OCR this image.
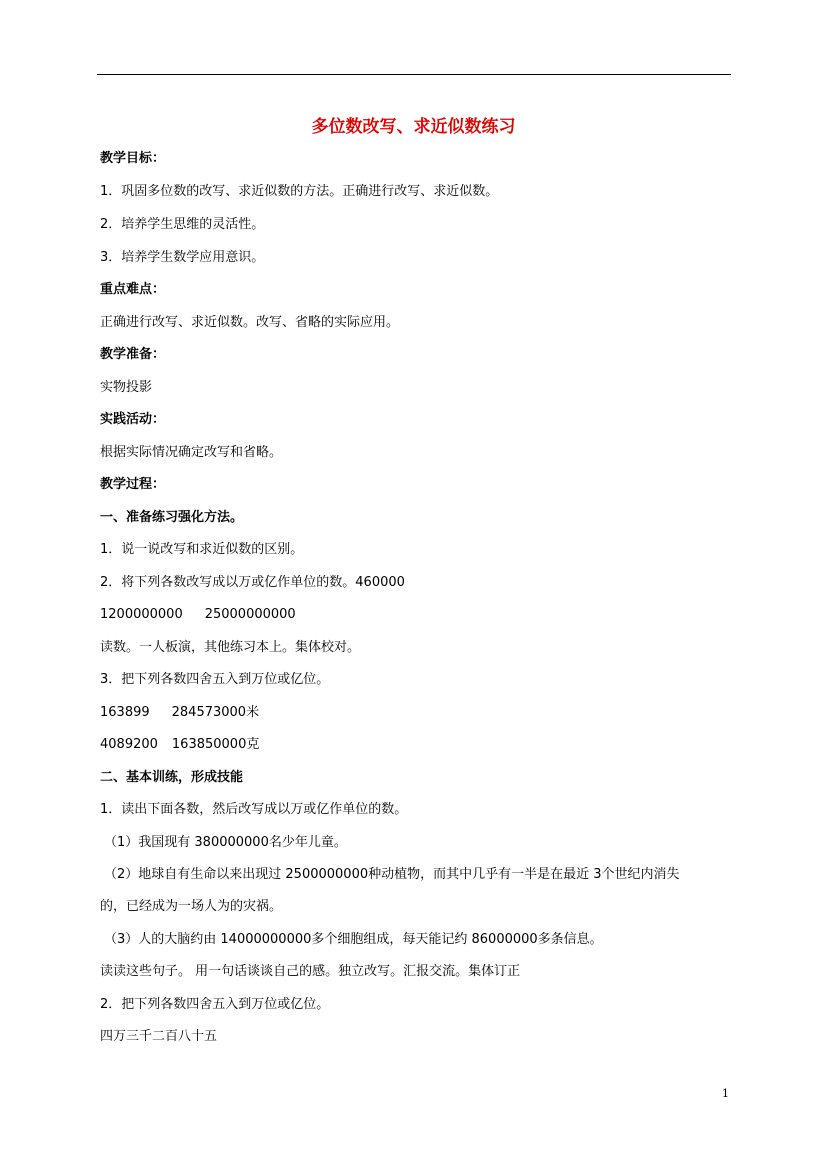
多位数改写、求近似数练习

教学目标：

1．巩固多位数的改写、求近似数的方法。正确进行改写、求近似数。

2．培养学生思维的灵活性。

3．培养学生数学应用意识。

重点难点：

正确进行改写、求近似数。改写、省略的实际应用。

教学准备：

实物投影

实践活动：

根据实际情况确定改写和省略。

教学过程：

一、准备练习强化方法。

1．说一说改写和求近似数的区别。

2．将下列各数改写成以万或亿作单位的数。460000

1200000000 25000000000

读数。一人板演，其他练习本上。集体校对。

3．把下列各数四舍五入到万位或亿位。

163899 284573000米

4089200 163850000克

二、基本训练，形成技能

1．读出下面各数，然后改写成以万或亿作单位的数。

（1）我国现有 380000000名少年儿童。

（2）地球自有生命以来出现过 2500000000种动植物，而其中几乎有一半是在最近 3个世纪内消失

的，已经成为一场人为的灾祸。

（3）人的大脑约由 14000000000多个细胞组成，每天能记约 86000000多条信息。

读读这些句子。 用一句话谈谈自己的感。独立改写。汇报交流。集体订正

2．把下列各数四舍五入到万位或亿位。

四万三千二百八十五

1
